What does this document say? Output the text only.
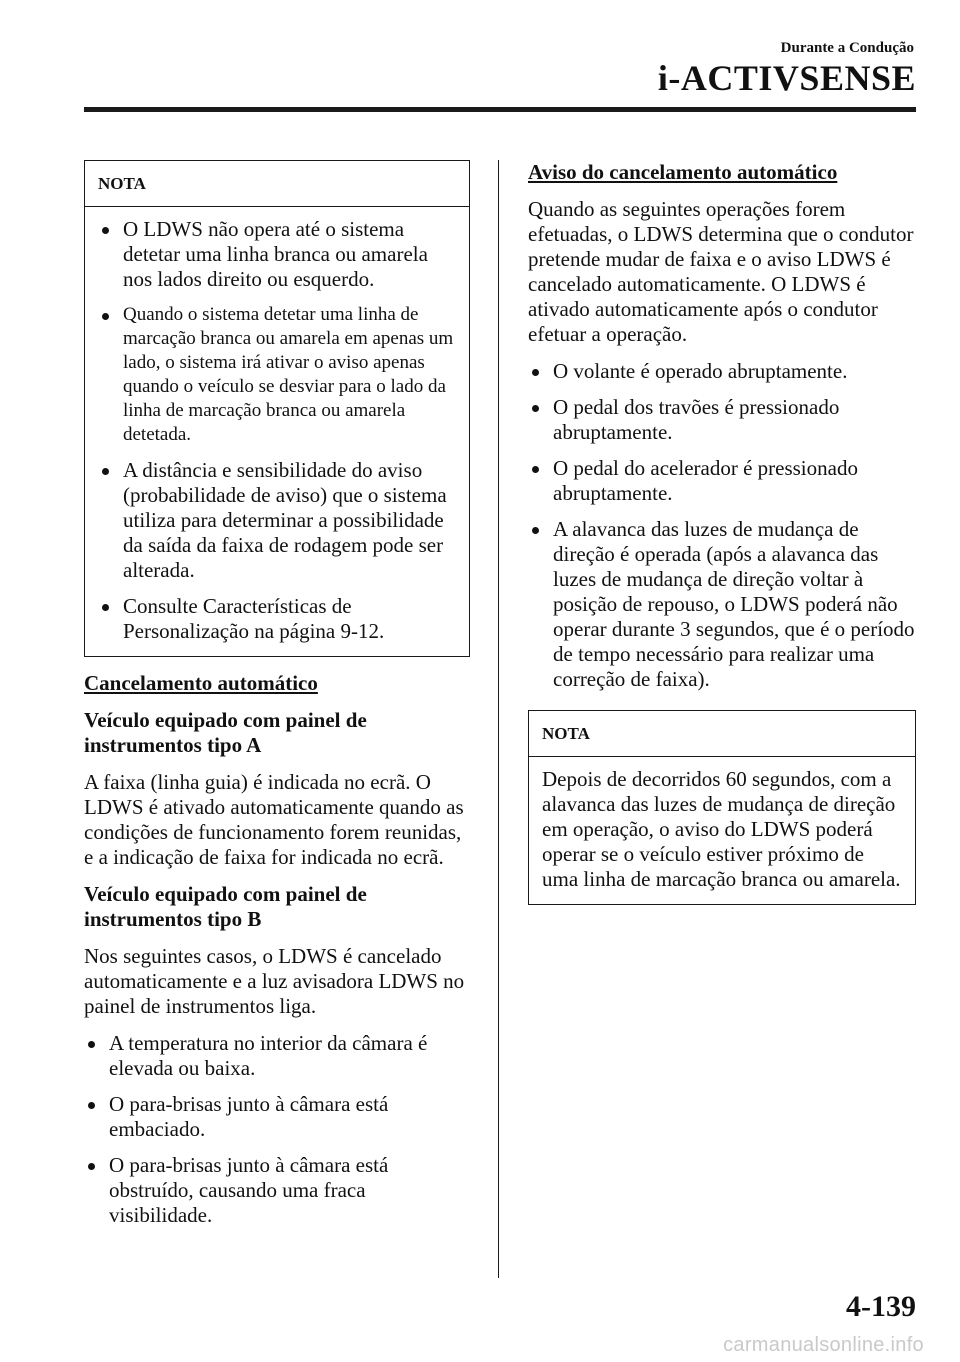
Durante a Condução
i-ACTIVSENSE
NOTA
O LDWS não opera até o sistema detetar uma linha branca ou amarela nos lados direito ou esquerdo.
Quando o sistema detetar uma linha de marcação branca ou amarela em apenas um lado, o sistema irá ativar o aviso apenas quando o veículo se desviar para o lado da linha de marcação branca ou amarela detetada.
A distância e sensibilidade do aviso (probabilidade de aviso) que o sistema utiliza para determinar a possibilidade da saída da faixa de rodagem pode ser alterada.
Consulte Características de Personalização na página 9-12.
Cancelamento automático
Veículo equipado com painel de instrumentos tipo A

A faixa (linha guia) é indicada no ecrã. O LDWS é ativado automaticamente quando as condições de funcionamento forem reunidas, e a indicação de faixa for indicada no ecrã.

Veículo equipado com painel de instrumentos tipo B

Nos seguintes casos, o LDWS é cancelado automaticamente e a luz avisadora LDWS no painel de instrumentos liga.

A temperatura no interior da câmara é elevada ou baixa.
O para-brisas junto à câmara está embaciado.
O para-brisas junto à câmara está obstruído, causando uma fraca visibilidade.
Aviso do cancelamento automático

Quando as seguintes operações forem efetuadas, o LDWS determina que o condutor pretende mudar de faixa e o aviso LDWS é cancelado automaticamente. O LDWS é ativado automaticamente após o condutor efetuar a operação.

O volante é operado abruptamente.
O pedal dos travões é pressionado abruptamente.
O pedal do acelerador é pressionado abruptamente.
A alavanca das luzes de mudança de direção é operada (após a alavanca das luzes de mudança de direção voltar à posição de repouso, o LDWS poderá não operar durante 3 segundos, que é o período de tempo necessário para realizar uma correção de faixa).
NOTA

Depois de decorridos 60 segundos, com a alavanca das luzes de mudança de direção em operação, o aviso do LDWS poderá operar se o veículo estiver próximo de uma linha de marcação branca ou amarela.

4-139
carmanualsonline.info
